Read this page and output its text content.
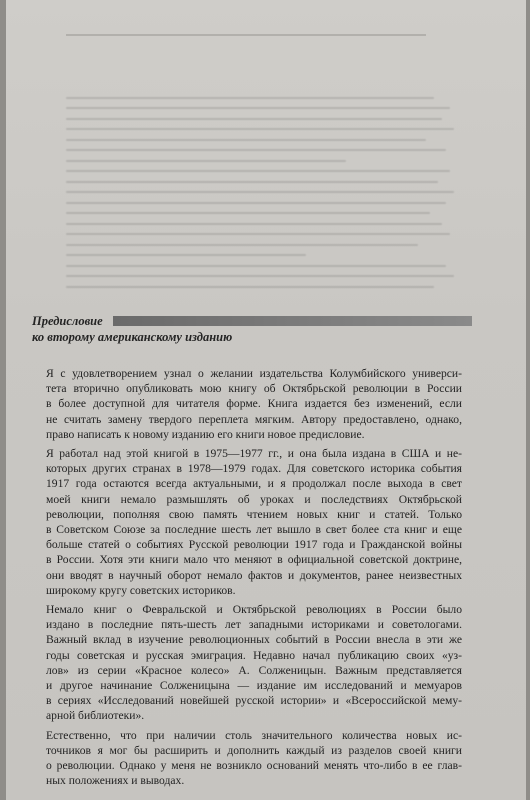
Предисловие
ко второму американскому изданию

Я с удовлетворением узнал о желании издательства Колумбийского универси-
тета вторично опубликовать мою книгу об Октябрьской революции в России
в более доступной для читателя форме. Книга издается без изменений, если
не считать замену твердого переплета мягким. Автору предоставлено, однако,
право написать к новому изданию его книги новое предисловие.

Я работал над этой книгой в 1975—1977 гг., и она была издана в США и не-
которых других странах в 1978—1979 годах. Для советского историка события
1917 года остаются всегда актуальными, и я продолжал после выхода в свет
моей книги немало размышлять об уроках и последствиях Октябрьской
революции, пополняя свою память чтением новых книг и статей. Только
в Советском Союзе за последние шесть лет вышло в свет более ста книг и еще
больше статей о событиях Русской революции 1917 года и Гражданской войны
в России. Хотя эти книги мало что меняют в официальной советской доктрине,
они вводят в научный оборот немало фактов и документов, ранее неизвестных
широкому кругу советских историков.

Немало книг о Февральской и Октябрьской революциях в России было
издано в последние пять-шесть лет западными историками и советологами.
Важный вклад в изучение революционных событий в России внесла в эти же
годы советская и русская эмиграция. Недавно начал публикацию своих «уз-
лов» из серии «Красное колесо» А. Солженицын. Важным представляется
и другое начинание Солженицына — издание им исследований и мемуаров
в сериях «Исследований новейшей русской истории» и «Всероссийской мему-
арной библиотеки».

Естественно, что при наличии столь значительного количества новых ис-
точников я мог бы расширить и дополнить каждый из разделов своей книги
о революции. Однако у меня не возникло оснований менять что-либо в ее глав-
ных положениях и выводах.
